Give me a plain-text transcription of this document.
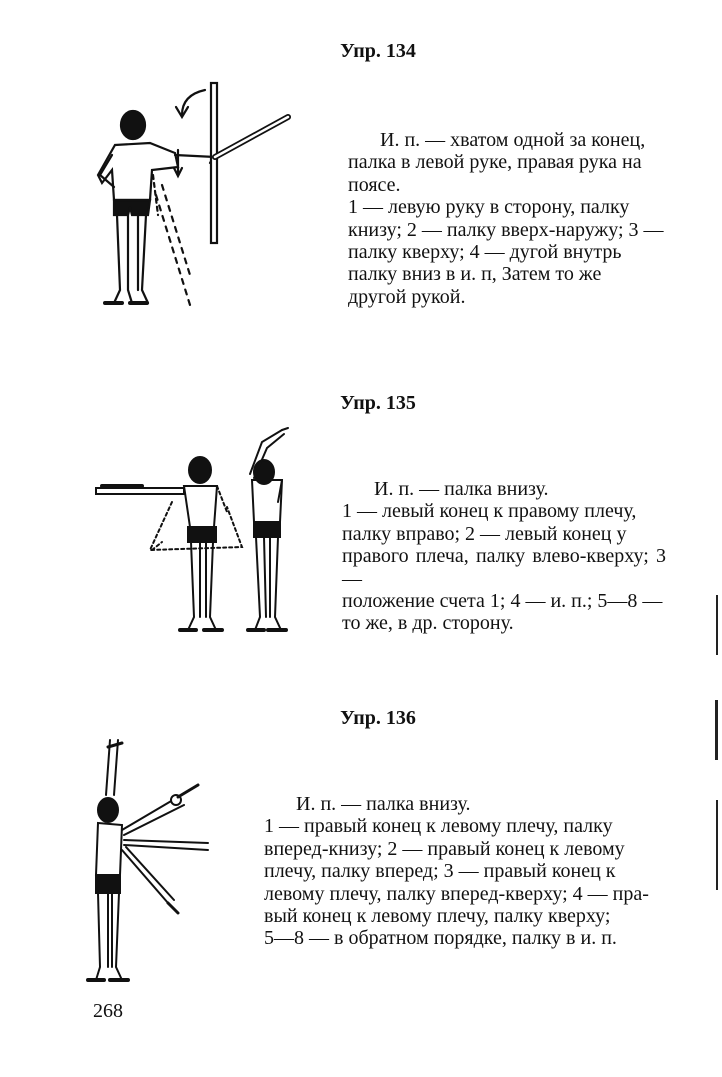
Упр. 134

И. п. — хватом одной за конец,

палка в левой руке, правая рука на

поясе.

1 — левую руку в сторону, палку

книзу; 2 — палку вверх-наружу; 3 —

палку кверху; 4 — дугой внутрь

палку вниз в и. п, Затем то же

другой рукой.

Упр. 135

И. п. — палка внизу.

1 — левый конец к правому плечу,

палку вправо; 2 — левый конец у

правого плеча, палку влево-кверху; 3 —

положение счета 1; 4 — и. п.; 5—8 —

то же, в др. сторону.

Упр. 136

И. п. — палка внизу.

1 — правый конец к левому плечу, палку

вперед-книзу; 2 — правый конец к левому

плечу, палку вперед; 3 — правый конец к

левому плечу, палку вперед-кверху; 4 — пра-

вый конец к левому плечу, палку кверху;

5—8 — в обратном порядке, палку в и. п.

268
